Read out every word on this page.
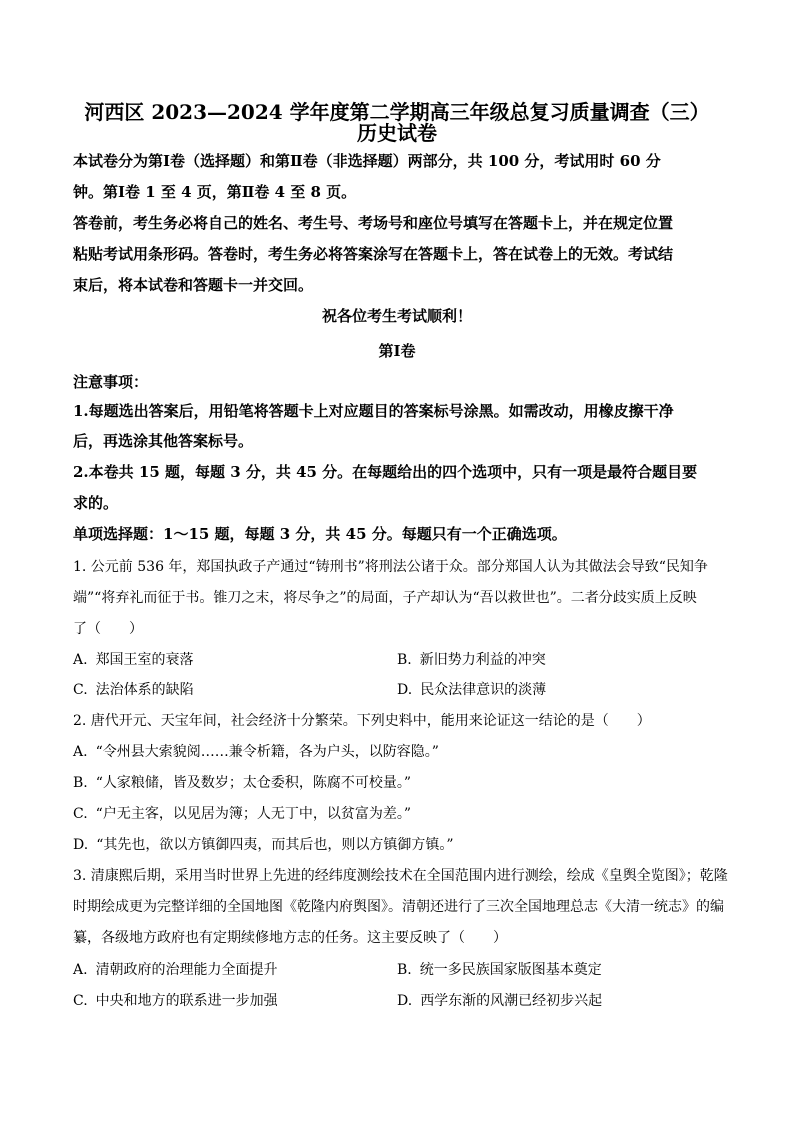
河西区 2023—2024 学年度第二学期高三年级总复习质量调查（三）
历史试卷
本试卷分为第Ⅰ卷（选择题）和第Ⅱ卷（非选择题）两部分，共 100 分，考试用时 60 分
钟。第Ⅰ卷 1 至 4 页，第Ⅱ卷 4 至 8 页。
答卷前，考生务必将自己的姓名、考生号、考场号和座位号填写在答题卡上，并在规定位置
粘贴考试用条形码。答卷时，考生务必将答案涂写在答题卡上，答在试卷上的无效。考试结
束后，将本试卷和答题卡一并交回。
祝各位考生考试顺利！
第Ⅰ卷
注意事项：
1.每题选出答案后，用铅笔将答题卡上对应题目的答案标号涂黑。如需改动，用橡皮擦干净
后，再选涂其他答案标号。
2.本卷共 15 题，每题 3 分，共 45 分。在每题给出的四个选项中，只有一项是最符合题目要
求的。
单项选择题：1～15 题，每题 3 分，共 45 分。每题只有一个正确选项。
1. 公元前 536 年，郑国执政子产通过“铸刑书”将刑法公诸于众。部分郑国人认为其做法会导致“民知争
端”“将弃礼而征于书。锥刀之末，将尽争之”的局面，子产却认为“吾以救世也”。二者分歧实质上反映
了（　　）
A. 郑国王室的衰落	B. 新旧势力利益的冲突
C. 法治体系的缺陷	D. 民众法律意识的淡薄
2. 唐代开元、天宝年间，社会经济十分繁荣。下列史料中，能用来论证这一结论的是（　　）
A. “令州县大索貌阅……兼令析籍，各为户头，以防容隐。”
B. “人家粮储，皆及数岁；太仓委积，陈腐不可校量。”
C. “户无主客，以见居为簿；人无丁中，以贫富为差。”
D. “其先也，欲以方镇御四夷，而其后也，则以方镇御方镇。”
3. 清康熙后期，采用当时世界上先进的经纬度测绘技术在全国范围内进行测绘，绘成《皇舆全览图》；乾隆
时期绘成更为完整详细的全国地图《乾隆内府舆图》。清朝还进行了三次全国地理总志《大清一统志》的编
纂，各级地方政府也有定期续修地方志的任务。这主要反映了（　　）
A. 清朝政府的治理能力全面提升	B. 统一多民族国家版图基本奠定
C. 中央和地方的联系进一步加强	D. 西学东渐的风潮已经初步兴起
